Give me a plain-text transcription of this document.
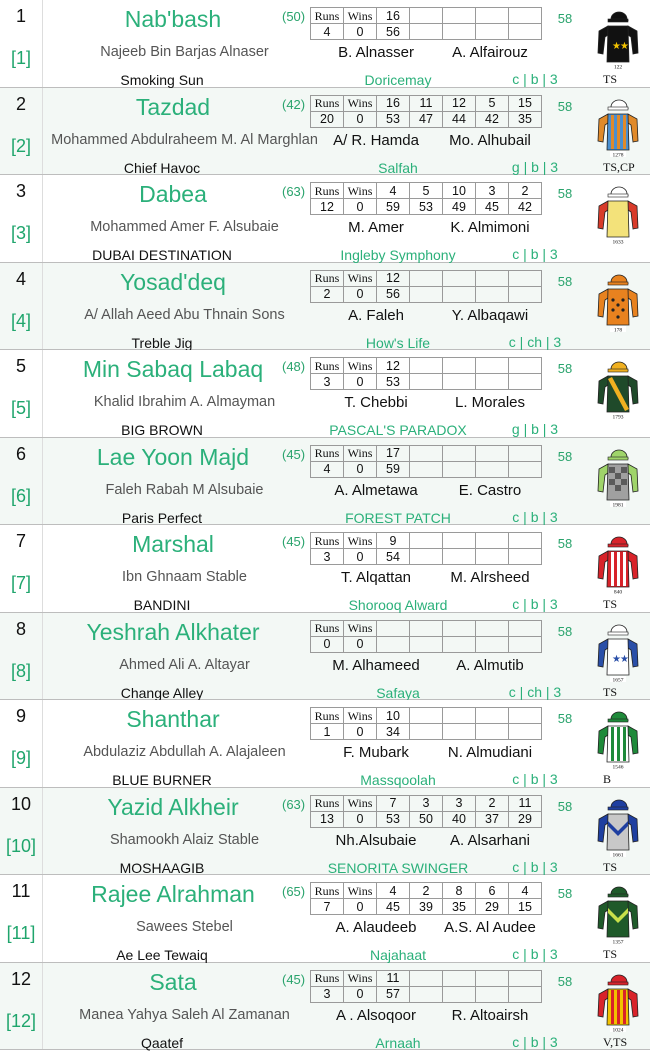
1
[1]
Nab'bash	(50)
Najeeb Bin Barjas Alnaser
Smoking Sun	Doricemay	c | b | 3
58
Runs	Wins	16				
4	0	56				
B. Alnasser	A. Alfairouz	★ ★
122
TS
2
[2]
Tazdad	(42)
Mohammed Abdulraheem M. Al Marghlan
Chief Havoc	Salfah	g | b | 3
58
Runs	Wins	16	11	12	5	15
20	0	53	47	44	42	35
A/ R. Hamda	Mo. Alhubail
1278
TS,CP
3
[3]
Dabea	(63)
Mohammed Amer F. Alsubaie
DUBAI DESTINATION	Ingleby Symphony	c | b | 3
58
Runs	Wins	4	5	10	3	2
12	0	59	53	49	45	42
M. Amer	K. Almimoni
1633
4
[4]
Yosad'deq
A/ Allah Aeed Abu Thnain Sons
Treble Jig	How's Life	c | ch | 3
58
Runs	Wins	12				
2	0	56				
A. Faleh	Y. Albaqawi
178
5
[5]
Min Sabaq Labaq	(48)
Khalid Ibrahim A. Almayman
BIG BROWN	PASCAL'S PARADOX	g | b | 3
58
Runs	Wins	12				
3	0	53				
T. Chebbi	L. Morales
1793
6
[6]
Lae Yoon Majd	(45)
Faleh Rabah M Alsubaie
Paris Perfect	FOREST PATCH	c | b | 3
58
Runs	Wins	17				
4	0	59				
A. Almetawa	E. Castro
1981
7
[7]
Marshal	(45)
Ibn Ghnaam Stable
BANDINI	Shorooq Alward	c | b | 3
58
Runs	Wins	9				
3	0	54				
T. Alqattan	M. Alrsheed
840
TS
8
[8]
Yeshrah Alkhater
Ahmed Ali A. Altayar
Change Alley	Safaya	c | ch | 3
58
Runs	Wins					
0	0					
M. Alhameed	A. Almutib	★ ★
1657
TS
9
[9]
Shanthar
Abdulaziz Abdullah A. Alajaleen
BLUE BURNER	Massqoolah	c | b | 3
58
Runs	Wins	10				
1	0	34				
F. Mubark	N. Almudiani
1546
B
10
[10]
Yazid Alkheir	(63)
Shamookh Alaiz Stable
MOSHAAGIB	SENORITA SWINGER	c | b | 3
58
Runs	Wins	7	3	3	2	11
13	0	53	50	40	37	29
Nh.Alsubaie	A. Alsarhani
1661
TS
11
[11]
Rajee Alrahman	(65)
Sawees Stebel
Ae Lee Tewaiq	Najahaat	c | b | 3
58
Runs	Wins	4	2	8	6	4
7	0	45	39	35	29	15
A. Alaudeeb	A.S. Al Audee
1357
TS
12
[12]
Sata	(45)
Manea Yahya Saleh Al Zamanan
Qaatef	Arnaah	c | b | 3
58
Runs	Wins	11				
3	0	57				
A . Alsoqoor	R. Altoairsh
1024
V,TS
